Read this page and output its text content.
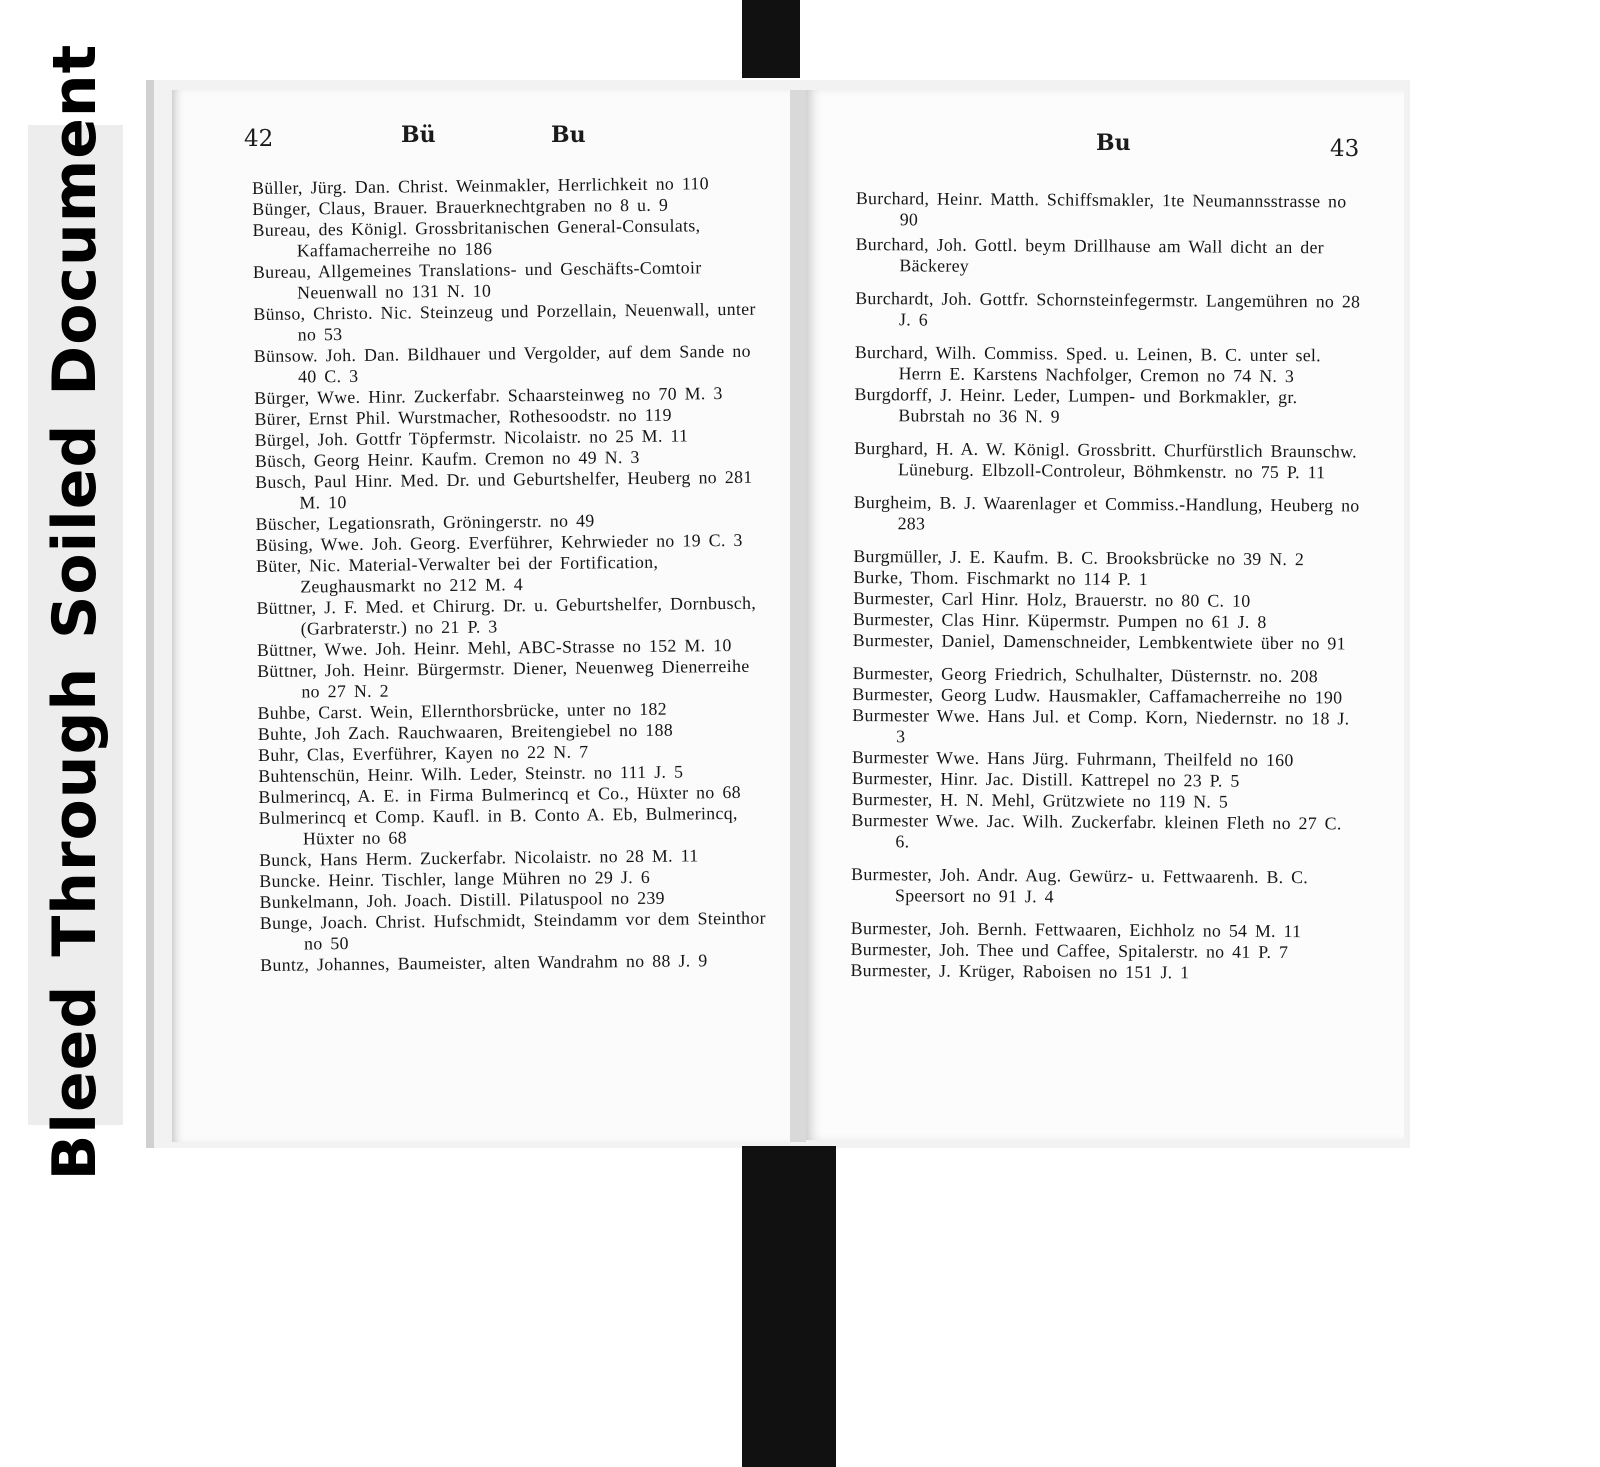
BleedThroughSoiledDocument	42	Bü	Bu	Bu	43
Büller, Jürg. Dan. Christ. Weinmakler, Herrlichkeit no 110
Bünger, Claus, Brauer. Brauerknechtgraben no 8 u. 9
Bureau, des Königl. Grossbritanischen General-Consulats, Kaffamacherreihe no 186
Bureau, Allgemeines Translations- und Geschäfts-Comtoir Neuenwall no 131 N. 10
Bünso, Christo. Nic. Steinzeug und Porzellain, Neuenwall, unter no 53
Bünsow. Joh. Dan. Bildhauer und Vergolder, auf dem Sande no 40 C. 3
Bürger, Wwe. Hinr. Zuckerfabr. Schaarsteinweg no 70 M. 3
Bürer, Ernst Phil. Wurstmacher, Rothesoodstr. no 119
Bürgel, Joh. Gottfr Töpfermstr. Nicolaistr. no 25 M. 11
Büsch, Georg Heinr. Kaufm. Cremon no 49 N. 3
Busch, Paul Hinr. Med. Dr. und Geburtshelfer, Heuberg no 281 M. 10
Büscher, Legationsrath, Gröningerstr. no 49
Büsing, Wwe. Joh. Georg. Everführer, Kehrwieder no 19 C. 3
Büter, Nic. Material-Verwalter bei der Fortification, Zeughausmarkt no 212 M. 4
Büttner, J. F. Med. et Chirurg. Dr. u. Geburtshelfer, Dornbusch, (Garbraterstr.) no 21 P. 3
Büttner, Wwe. Joh. Heinr. Mehl, ABC-Strasse no 152 M. 10
Büttner, Joh. Heinr. Bürgermstr. Diener, Neuenweg Dienerreihe no 27 N. 2
Buhbe, Carst. Wein, Ellernthorsbrücke, unter no 182
Buhte, Joh Zach. Rauchwaaren, Breitengiebel no 188
Buhr, Clas, Everführer, Kayen no 22 N. 7
Buhtenschün, Heinr. Wilh. Leder, Steinstr. no 111 J. 5
Bulmerincq, A. E. in Firma Bulmerincq et Co., Hüxter no 68
Bulmerincq et Comp. Kaufl. in B. Conto A. Eb, Bulmerincq, Hüxter no 68
Bunck, Hans Herm. Zuckerfabr. Nicolaistr. no 28 M. 11
Buncke. Heinr. Tischler, lange Mühren no 29 J. 6
Bunkelmann, Joh. Joach. Distill. Pilatuspool no 239
Bunge, Joach. Christ. Hufschmidt, Steindamm vor dem Steinthor no 50
Buntz, Johannes, Baumeister, alten Wandrahm no 88 J. 9
Burchard, Heinr. Matth. Schiffsmakler, 1te Neumannsstrasse no 90
Burchard, Joh. Gottl. beym Drillhause am Wall dicht an der Bäckerey
Burchardt, Joh. Gottfr. Schornsteinfegermstr. Langemühren no 28 J. 6
Burchard, Wilh. Commiss. Sped. u. Leinen, B. C. unter sel. Herrn E. Karstens Nachfolger, Cremon no 74 N. 3
Burgdorff, J. Heinr. Leder, Lumpen- und Borkmakler, gr. Bubrstah no 36 N. 9
Burghard, H. A. W. Königl. Grossbritt. Churfürstlich Braunschw. Lüneburg. Elbzoll-Controleur, Böhmkenstr. no 75 P. 11
Burgheim, B. J. Waarenlager et Commiss.-Handlung, Heuberg no 283
Burgmüller, J. E. Kaufm. B. C. Brooksbrücke no 39 N. 2
Burke, Thom. Fischmarkt no 114 P. 1
Burmester, Carl Hinr. Holz, Brauerstr. no 80 C. 10
Burmester, Clas Hinr. Küpermstr. Pumpen no 61 J. 8
Burmester, Daniel, Damenschneider, Lembkentwiete über no 91
Burmester, Georg Friedrich, Schulhalter, Düsternstr. no. 208
Burmester, Georg Ludw. Hausmakler, Caffamacherreihe no 190
Burmester Wwe. Hans Jul. et Comp. Korn, Niedernstr. no 18 J. 3
Burmester Wwe. Hans Jürg. Fuhrmann, Theilfeld no 160
Burmester, Hinr. Jac. Distill. Kattrepel no 23 P. 5
Burmester, H. N. Mehl, Grützwiete no 119 N. 5
Burmester Wwe. Jac. Wilh. Zuckerfabr. kleinen Fleth no 27 C. 6.
Burmester, Joh. Andr. Aug. Gewürz- u. Fettwaarenh. B. C. Speersort no 91 J. 4
Burmester, Joh. Bernh. Fettwaaren, Eichholz no 54 M. 11
Burmester, Joh. Thee und Caffee, Spitalerstr. no 41 P. 7
Burmester, J. Krüger, Raboisen no 151 J. 1
